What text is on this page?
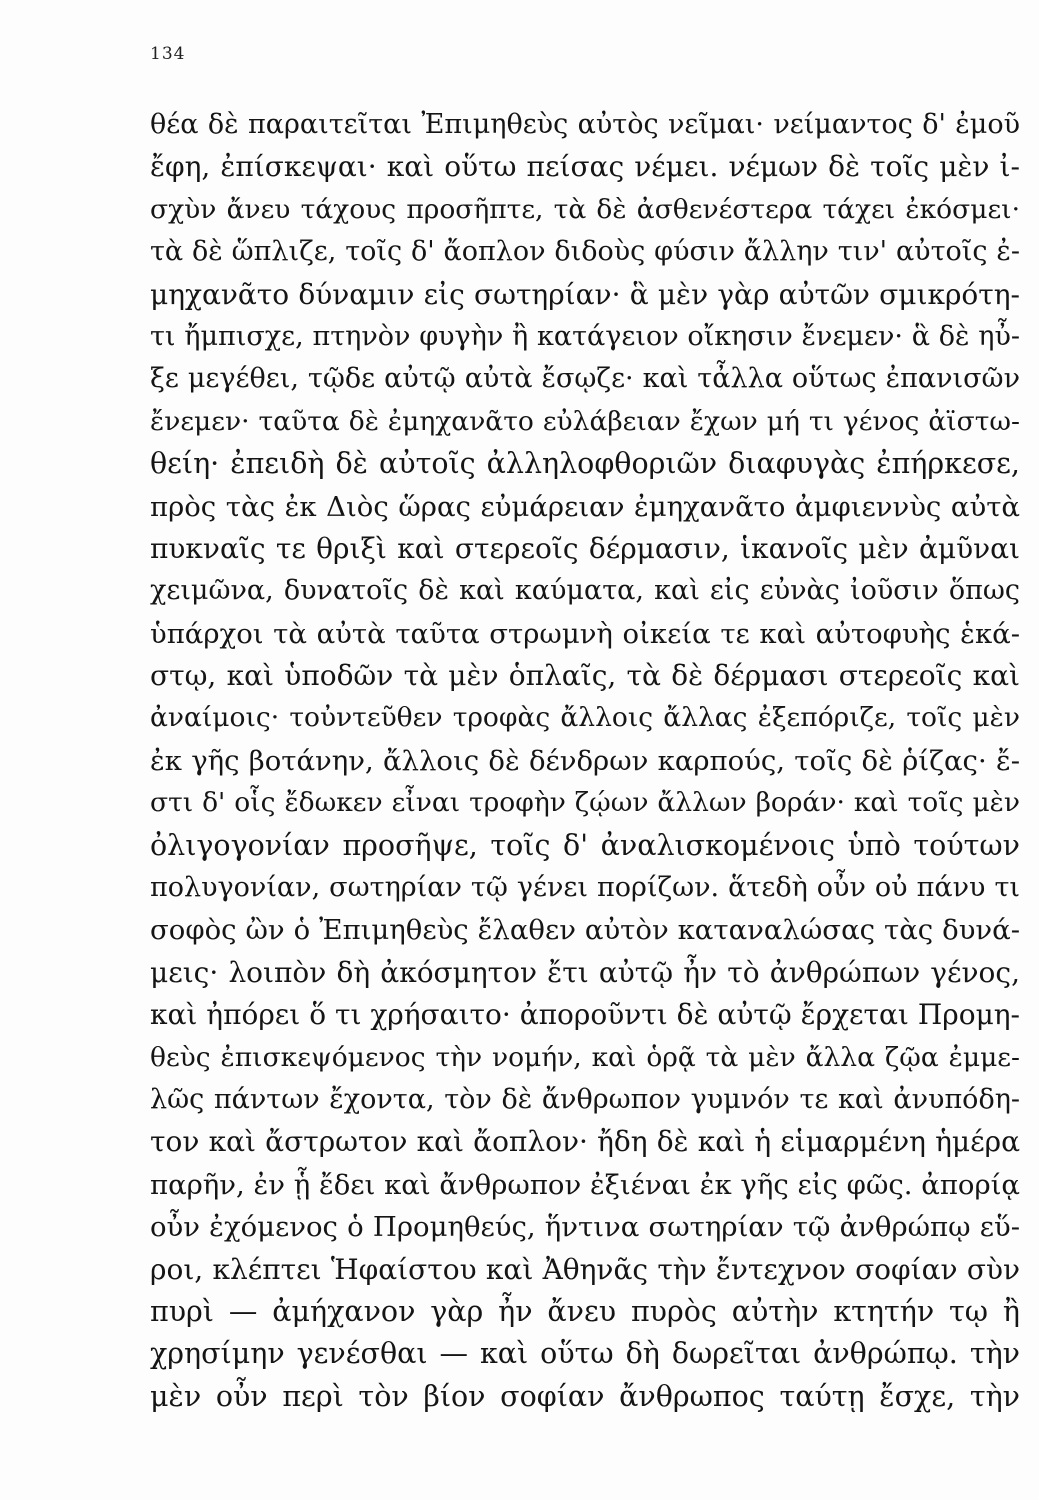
134
θέα δὲ παραιτεῖται Ἐπιμηθεὺς αὐτὸς νεῖμαι· νείμαντος δ' ἐμοῦ
ἔφη, ἐπίσκεψαι· καὶ οὕτω πείσας νέμει. νέμων δὲ τοῖς μὲν ἰ-
σχὺν ἄνευ τάχους προσῆπτε, τὰ δὲ ἀσθενέστερα τάχει ἐκόσμει·
τὰ δὲ ὥπλιζε, τοῖς δ' ἄοπλον διδοὺς φύσιν ἄλλην τιν' αὐτοῖς ἐ-
μηχανᾶτο δύναμιν εἰς σωτηρίαν· ἃ μὲν γὰρ αὐτῶν σμικρότη-
τι ἤμπισχε, πτηνὸν φυγὴν ἢ κατάγειον οἴκησιν ἔνεμεν· ἃ δὲ ηὖ-
ξε μεγέθει, τῷδε αὐτῷ αὐτὰ ἔσῳζε· καὶ τἆλλα οὕτως ἐπανισῶν
ἔνεμεν· ταῦτα δὲ ἐμηχανᾶτο εὐλάβειαν ἔχων μή τι γένος ἀϊστω-
θείη· ἐπειδὴ δὲ αὐτοῖς ἀλληλοφθοριῶν διαφυγὰς ἐπήρκεσε,
πρὸς τὰς ἐκ Διὸς ὥρας εὐμάρειαν ἐμηχανᾶτο ἀμφιεννὺς αὐτὰ
πυκναῖς τε θριξὶ καὶ στερεοῖς δέρμασιν, ἱκανοῖς μὲν ἀμῦναι
χειμῶνα, δυνατοῖς δὲ καὶ καύματα, καὶ εἰς εὐνὰς ἰοῦσιν ὅπως
ὑπάρχοι τὰ αὐτὰ ταῦτα στρωμνὴ οἰκεία τε καὶ αὐτοφυὴς ἑκά-
στῳ, καὶ ὑποδῶν τὰ μὲν ὁπλαῖς, τὰ δὲ δέρμασι στερεοῖς καὶ
ἀναίμοις· τοὐντεῦθεν τροφὰς ἄλλοις ἄλλας ἐξεπόριζε, τοῖς μὲν
ἐκ γῆς βοτάνην, ἄλλοις δὲ δένδρων καρπούς, τοῖς δὲ ῥίζας· ἔ-
στι δ' οἷς ἔδωκεν εἶναι τροφὴν ζῴων ἄλλων βοράν· καὶ τοῖς μὲν
ὀλιγογονίαν προσῆψε, τοῖς δ' ἀναλισκομένοις ὑπὸ τούτων
πολυγονίαν, σωτηρίαν τῷ γένει πορίζων. ἅτεδὴ οὖν οὐ πάνυ τι
σοφὸς ὢν ὁ Ἐπιμηθεὺς ἔλαθεν αὐτὸν καταναλώσας τὰς δυνά-
μεις· λοιπὸν δὴ ἀκόσμητον ἔτι αὐτῷ ἦν τὸ ἀνθρώπων γένος,
καὶ ἠπόρει ὅ τι χρήσαιτο· ἀποροῦντι δὲ αὐτῷ ἔρχεται Προμη-
θεὺς ἐπισκεψόμενος τὴν νομήν, καὶ ὁρᾷ τὰ μὲν ἄλλα ζῷα ἐμμε-
λῶς πάντων ἔχοντα, τὸν δὲ ἄνθρωπον γυμνόν τε καὶ ἀνυπόδη-
τον καὶ ἄστρωτον καὶ ἄοπλον· ἤδη δὲ καὶ ἡ εἱμαρμένη ἡμέρα
παρῆν, ἐν ᾗ ἔδει καὶ ἄνθρωπον ἐξιέναι ἐκ γῆς εἰς φῶς. ἀπορίᾳ
οὖν ἐχόμενος ὁ Προμηθεύς, ἥντινα σωτηρίαν τῷ ἀνθρώπῳ εὕ-
ροι, κλέπτει Ἡφαίστου καὶ Ἀθηνᾶς τὴν ἔντεχνον σοφίαν σὺν
πυρὶ — ἀμήχανον γὰρ ἦν ἄνευ πυρὸς αὐτὴν κτητήν τῳ ἢ
χρησίμην γενέσθαι — καὶ οὕτω δὴ δωρεῖται ἀνθρώπῳ. τὴν
μὲν οὖν περὶ τὸν βίον σοφίαν ἄνθρωπος ταύτῃ ἔσχε, τὴν
